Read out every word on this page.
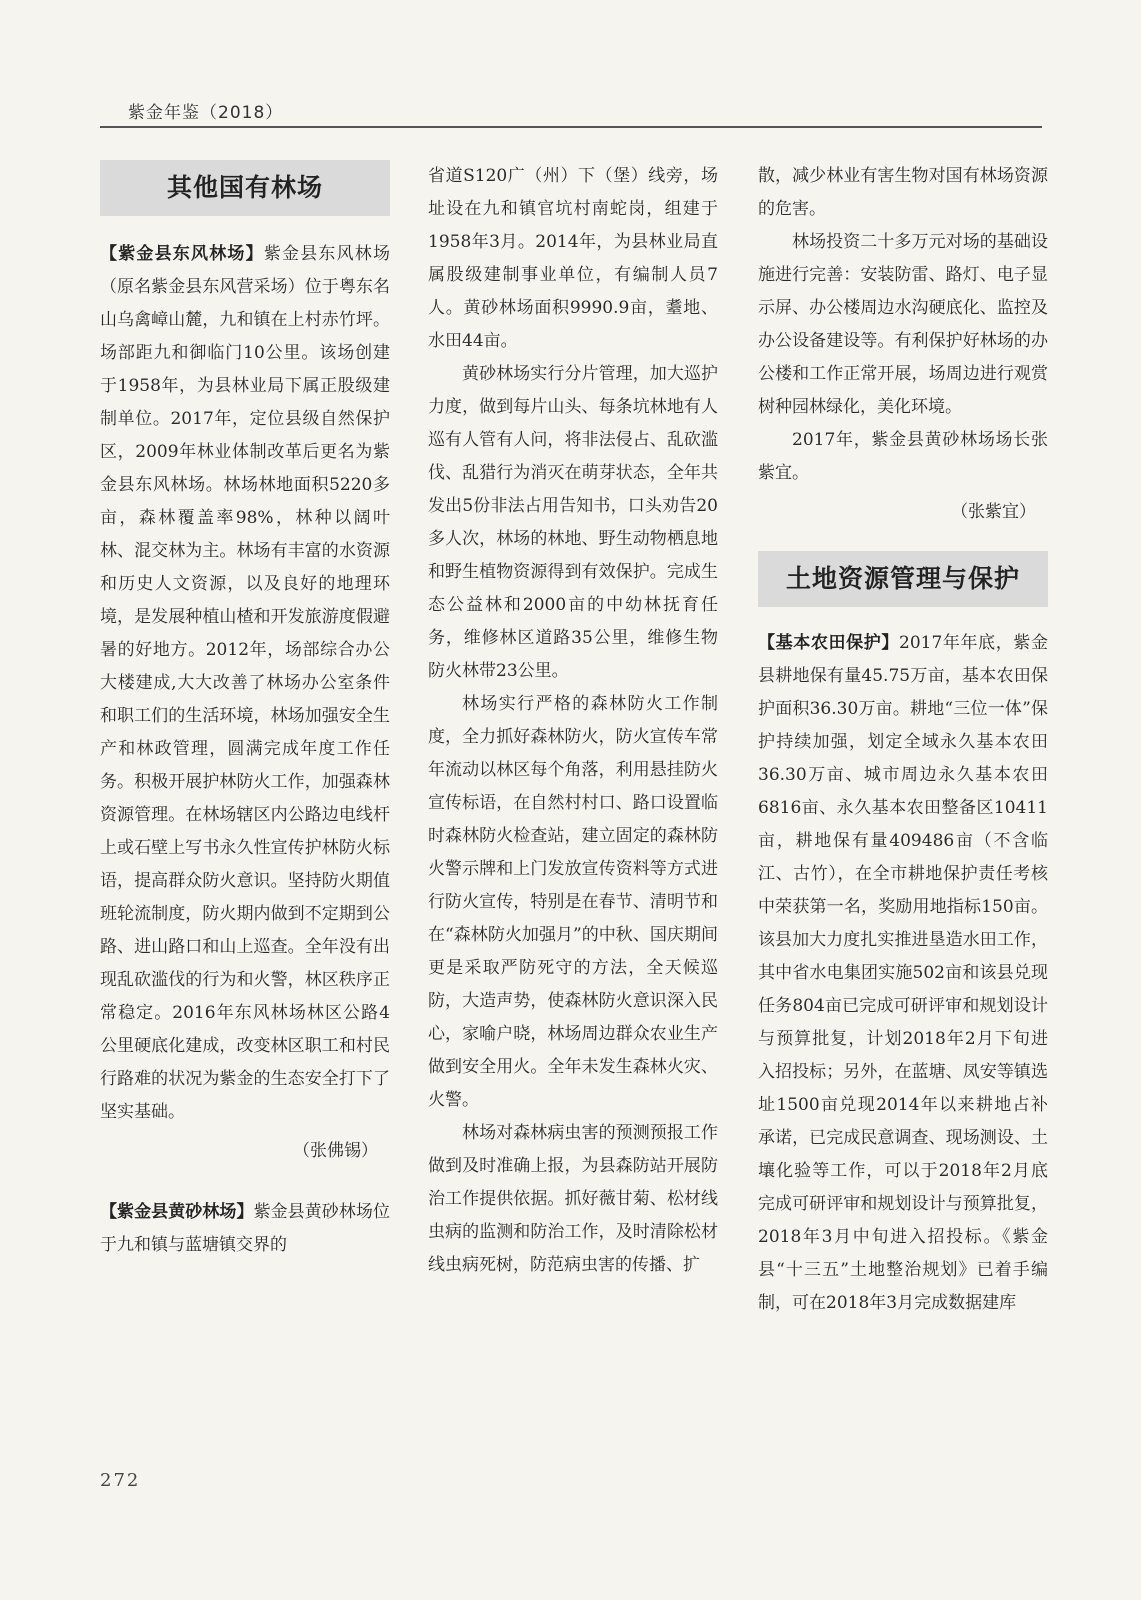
紫金年鉴（2018）
其他国有林场

【紫金县东风林场】紫金县东风林场（原名紫金县东风营采场）位于粤东名山乌禽嶂山麓，九和镇在上村赤竹坪。场部距九和御临门10公里。该场创建于1958年，为县林业局下属正股级建制单位。2017年，定位县级自然保护区，2009年林业体制改革后更名为紫金县东风林场。林场林地面积5220多亩，森林覆盖率98%，林种以阔叶林、混交林为主。林场有丰富的水资源和历史人文资源，以及良好的地理环境，是发展种植山楂和开发旅游度假避暑的好地方。2012年，场部综合办公大楼建成,大大改善了林场办公室条件和职工们的生活环境，林场加强安全生产和林政管理，圆满完成年度工作任务。积极开展护林防火工作，加强森林资源管理。在林场辖区内公路边电线杆上或石壁上写书永久性宣传护林防火标语，提高群众防火意识。坚持防火期值班轮流制度，防火期内做到不定期到公路、进山路口和山上巡查。全年没有出现乱砍滥伐的行为和火警，林区秩序正常稳定。2016年东风林场林区公路4公里硬底化建成，改变林区职工和村民行路难的状况为紫金的生态安全打下了坚实基础。

（张佛锡）

【紫金县黄砂林场】紫金县黄砂林场位于九和镇与蓝塘镇交界的

省道S120广（州）下（堡）线旁，场址设在九和镇官坑村南蛇岗，组建于1958年3月。2014年，为县林业局直属股级建制事业单位，有编制人员7人。黄砂林场面积9990.9亩，耋地、水田44亩。

黄砂林场实行分片管理，加大巡护力度，做到每片山头、每条坑林地有人巡有人管有人问，将非法侵占、乱砍滥伐、乱猎行为消灭在萌芽状态，全年共发出5份非法占用告知书，口头劝告20多人次，林场的林地、野生动物栖息地和野生植物资源得到有效保护。完成生态公益林和2000亩的中幼林抚育任务，维修林区道路35公里，维修生物防火林带23公里。

林场实行严格的森林防火工作制度，全力抓好森林防火，防火宣传车常年流动以林区每个角落，利用悬挂防火宣传标语，在自然村村口、路口设置临时森林防火检查站，建立固定的森林防火警示牌和上门发放宣传资料等方式进行防火宣传，特别是在春节、清明节和在“森林防火加强月”的中秋、国庆期间更是采取严防死守的方法，全天候巡防，大造声势，使森林防火意识深入民心，家喻户晓，林场周边群众农业生产做到安全用火。全年未发生森林火灾、火警。

林场对森林病虫害的预测预报工作做到及时准确上报，为县森防站开展防治工作提供依据。抓好薇甘菊、松材线虫病的监测和防治工作，及时清除松材线虫病死树，防范病虫害的传播、扩

散，减少林业有害生物对国有林场资源的危害。

林场投资二十多万元对场的基础设施进行完善：安装防雷、路灯、电子显示屏、办公楼周边水沟硬底化、监控及办公设备建设等。有利保护好林场的办公楼和工作正常开展，场周边进行观赏树种园林绿化，美化环境。

2017年，紫金县黄砂林场场长张紫宜。

（张紫宜）

土地资源管理与保护

【基本农田保护】2017年年底，紫金县耕地保有量45.75万亩，基本农田保护面积36.30万亩。耕地“三位一体”保护持续加强，划定全域永久基本农田36.30万亩、城市周边永久基本农田6816亩、永久基本农田整备区10411亩，耕地保有量409486亩（不含临江、古竹），在全市耕地保护责任考核中荣获第一名，奖励用地指标150亩。该县加大力度扎实推进垦造水田工作，其中省水电集团实施502亩和该县兑现任务804亩已完成可研评审和规划设计与预算批复，计划2018年2月下旬进入招投标；另外，在蓝塘、凤安等镇选址1500亩兑现2014年以来耕地占补承诺，已完成民意调查、现场测设、土壤化验等工作，可以于2018年2月底完成可研评审和规划设计与预算批复，2018年3月中旬进入招投标。《紫金县“十三五”土地整治规划》已着手编制，可在2018年3月完成数据建库

272
